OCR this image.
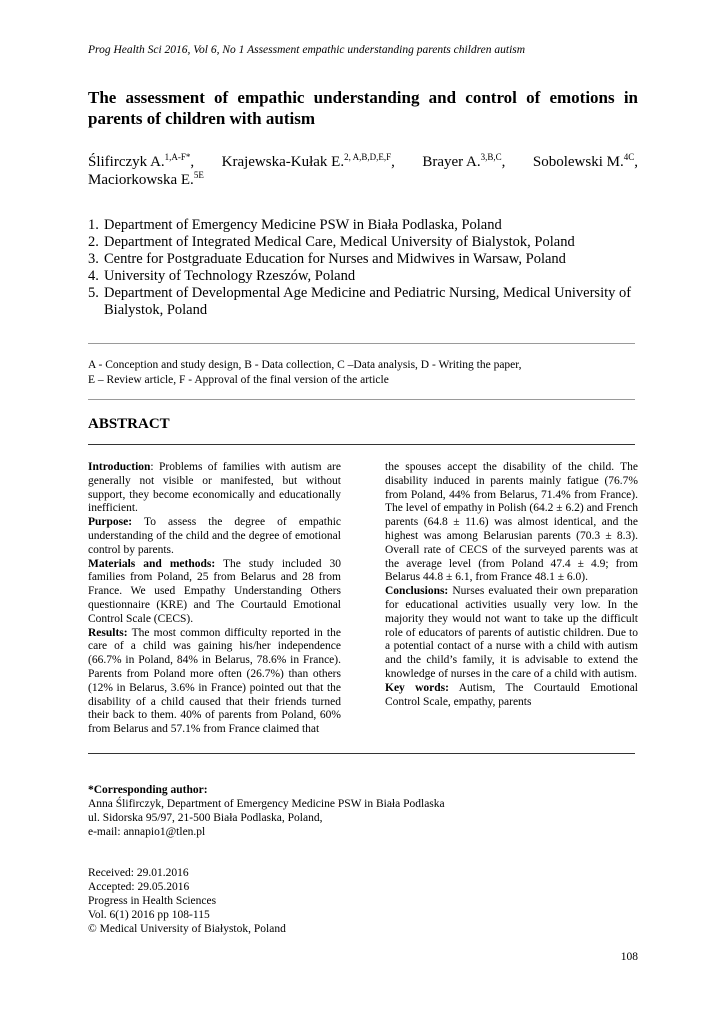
Prog Health Sci 2016, Vol 6, No 1 Assessment empathic understanding parents children autism
The assessment of empathic understanding and control of emotions in parents of children with autism
Ślifirczyk A.$^{1,A-F*}$, Krajewska-Kułak E.$^{2, A,B,D,E,F}$, Brayer A.$^{3,B,C}$, Sobolewski M.$^{4C}$,
Maciorkowska E.$^{5E}$
1. Department of Emergency Medicine PSW in Biała Podlaska, Poland
2. Department of Integrated Medical Care, Medical University of Bialystok, Poland
3. Centre for Postgraduate Education for Nurses and Midwives in Warsaw, Poland
4. University of Technology Rzeszów, Poland
5. Department of Developmental Age Medicine and Pediatric Nursing, Medical University of Bialystok, Poland
A - Conception and study design, B - Data collection, C –Data analysis, D - Writing the paper,
E – Review article, F - Approval of the final version of the article
ABSTRACT

Introduction: Problems of families with autism are generally not visible or manifested, but without support, they become economically and educationally inefficient.

Purpose: To assess the degree of empathic understanding of the child and the degree of emotional control by parents.

Materials and methods: The study included 30 families from Poland, 25 from Belarus and 28 from France. We used Empathy Understanding Others questionnaire (KRE) and The Courtauld Emotional Control Scale (CECS).

Results: The most common difficulty reported in the care of a child was gaining his/her independence (66.7% in Poland, 84% in Belarus, 78.6% in France). Parents from Poland more often (26.7%) than others (12% in Belarus, 3.6% in France) pointed out that the disability of a child caused that their friends turned their back to them. 40% of parents from Poland, 60% from Belarus and 57.1% from France claimed that

the spouses accept the disability of the child. The disability induced in parents mainly fatigue (76.7% from Poland, 44% from Belarus, 71.4% from France). The level of empathy in Polish (64.2 ± 6.2) and French parents (64.8 ± 11.6) was almost identical, and the highest was among Belarusian parents (70.3 ± 8.3). Overall rate of CECS of the surveyed parents was at the average level (from Poland 47.4 ± 4.9; from Belarus 44.8 ± 6.1, from France 48.1 ± 6.0).

Conclusions: Nurses evaluated their own preparation for educational activities usually very low. In the majority they would not want to take up the difficult role of educators of parents of autistic children. Due to a potential contact of a nurse with a child with autism and the child’s family, it is advisable to extend the knowledge of nurses in the care of a child with autism.

Key words: Autism, The Courtauld Emotional Control Scale, empathy, parents

*Corresponding author:
Anna Ślifirczyk, Department of Emergency Medicine PSW in Biała Podlaska
ul. Sidorska 95/97, 21-500 Biała Podlaska, Poland,
e-mail: annapio1@tlen.pl
Received: 29.01.2016
Accepted: 29.05.2016
Progress in Health Sciences
Vol. 6(1) 2016 pp 108-115
© Medical University of Białystok, Poland
108
